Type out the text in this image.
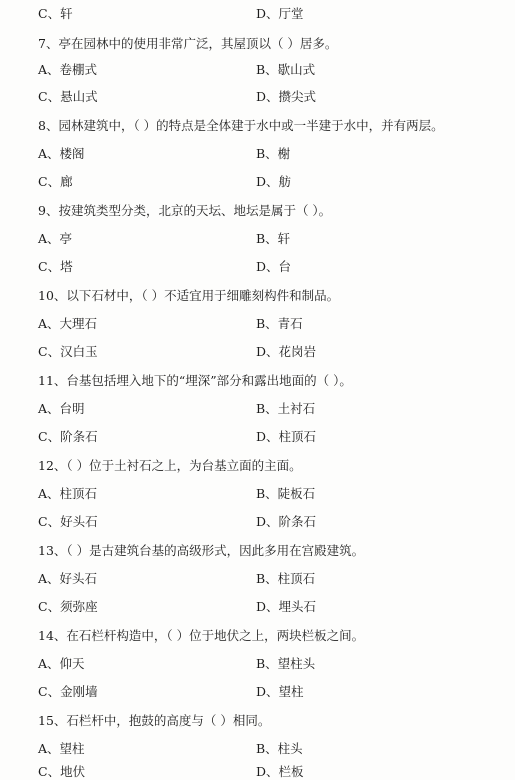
C、轩	D、厅堂
7、亭在园林中的使用非常广泛，其屋顶以（ ）居多。
A、卷棚式	B、歇山式
C、悬山式	D、攒尖式
8、园林建筑中，（ ）的特点是全体建于水中或一半建于水中，并有两层。
A、楼阁	B、榭
C、廊	D、舫
9、按建筑类型分类，北京的天坛、地坛是属于（ ）。
A、亭	B、轩
C、塔	D、台
10、以下石材中，（ ）不适宜用于细雕刻构件和制品。
A、大理石	B、青石
C、汉白玉	D、花岗岩
11、台基包括埋入地下的“埋深”部分和露出地面的（ ）。
A、台明	B、土衬石
C、阶条石	D、柱顶石
12、（ ）位于土衬石之上，为台基立面的主面。
A、柱顶石	B、陡板石
C、好头石	D、阶条石
13、（ ）是古建筑台基的高级形式，因此多用在宫殿建筑。
A、好头石	B、柱顶石
C、须弥座	D、埋头石
14、在石栏杆构造中，（ ）位于地伏之上，两块栏板之间。
A、仰天	B、望柱头
C、金刚墙	D、望柱
15、石栏杆中，抱鼓的高度与（ ）相同。
A、望柱	B、柱头
C、地伏	D、栏板
